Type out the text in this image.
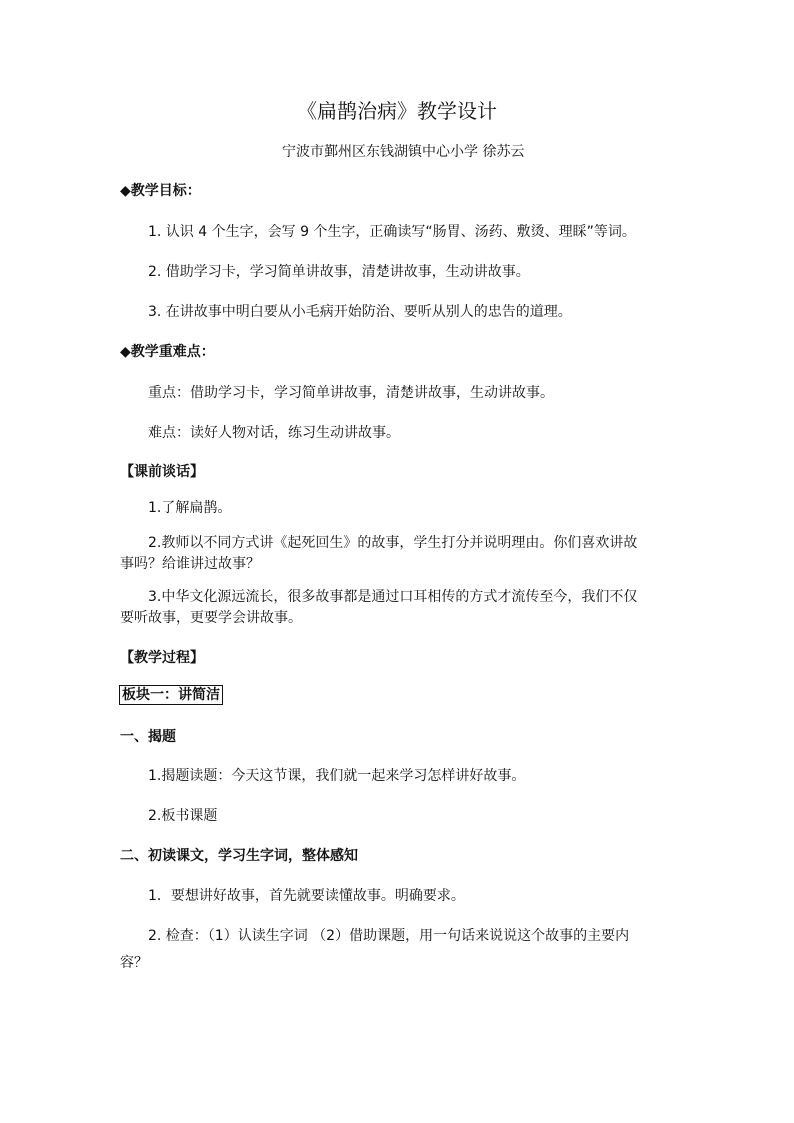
《扁鹊治病》教学设计
宁波市鄞州区东钱湖镇中心小学 徐苏云
◆教学目标：
1. 认识 4 个生字，会写 9 个生字，正确读写“肠胃、汤药、敷烫、理睬”等词。
2. 借助学习卡，学习简单讲故事，清楚讲故事，生动讲故事。
3. 在讲故事中明白要从小毛病开始防治、要听从别人的忠告的道理。
◆教学重难点：
重点：借助学习卡，学习简单讲故事，清楚讲故事，生动讲故事。
难点：读好人物对话，练习生动讲故事。
【课前谈话】
1.了解扁鹊。
2.教师以不同方式讲《起死回生》的故事，学生打分并说明理由。你们喜欢讲故
事吗？给谁讲过故事？
3.中华文化源远流长，很多故事都是通过口耳相传的方式才流传至今，我们不仅
要听故事，更要学会讲故事。
【教学过程】
板块一：讲简洁
一、揭题
1.揭题读题：今天这节课，我们就一起来学习怎样讲好故事。
2.板书课题
二、初读课文，学习生字词，整体感知
1．要想讲好故事，首先就要读懂故事。明确要求。
2. 检查：（1）认读生字词 （2）借助课题，用一句话来说说这个故事的主要内
容？
